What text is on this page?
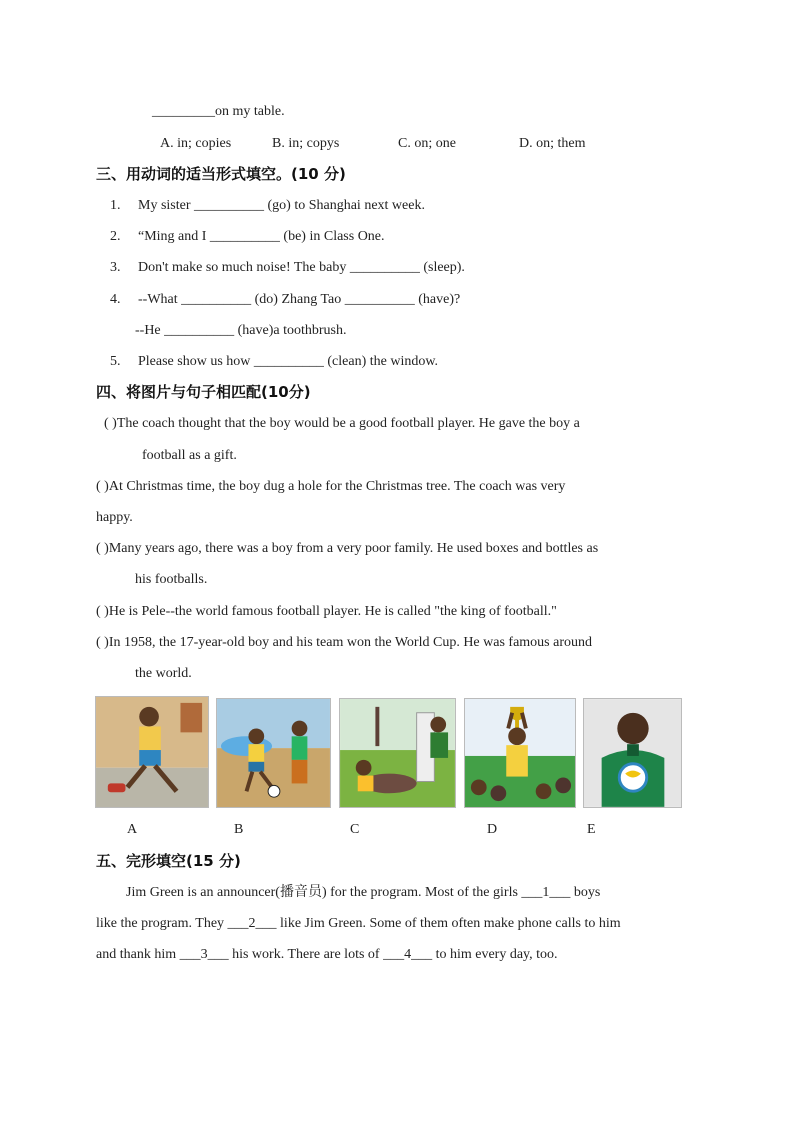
_________on my table.
A. in; copies	B. in; copys	C. on; one	D. on; them
三、用动词的适当形式填空。(10 分)
1. My sister __________ (go) to Shanghai next week.
2. “Ming and I __________ (be) in Class One.
3. Don't make so much noise! The baby __________ (sleep).
4. --What __________ (do) Zhang Tao __________ (have)?
--He __________ (have)a toothbrush.
5. Please show us how __________ (clean) the window.
四、将图片与句子相匹配(10分)
( )The coach thought that the boy would be a good football player. He gave the boy a
football as a gift.
( )At Christmas time, the boy dug a hole for the Christmas tree. The coach was very
happy.
( )Many years ago, there was a boy from a very poor family. He used boxes and bottles as
his footballs.
( )He is Pele--the world famous football player. He is called "the king of football."
( )In 1958, the 17-year-old boy and his team won the World Cup. He was famous around
the world.
A	B	C	D	E
五、完形填空(15 分)
Jim Green is an announcer(播音员) for the program. Most of the girls ___1___ boys
like the program. They ___2___ like Jim Green. Some of them often make phone calls to him
and thank him ___3___ his work. There are lots of ___4___ to him every day, too.
